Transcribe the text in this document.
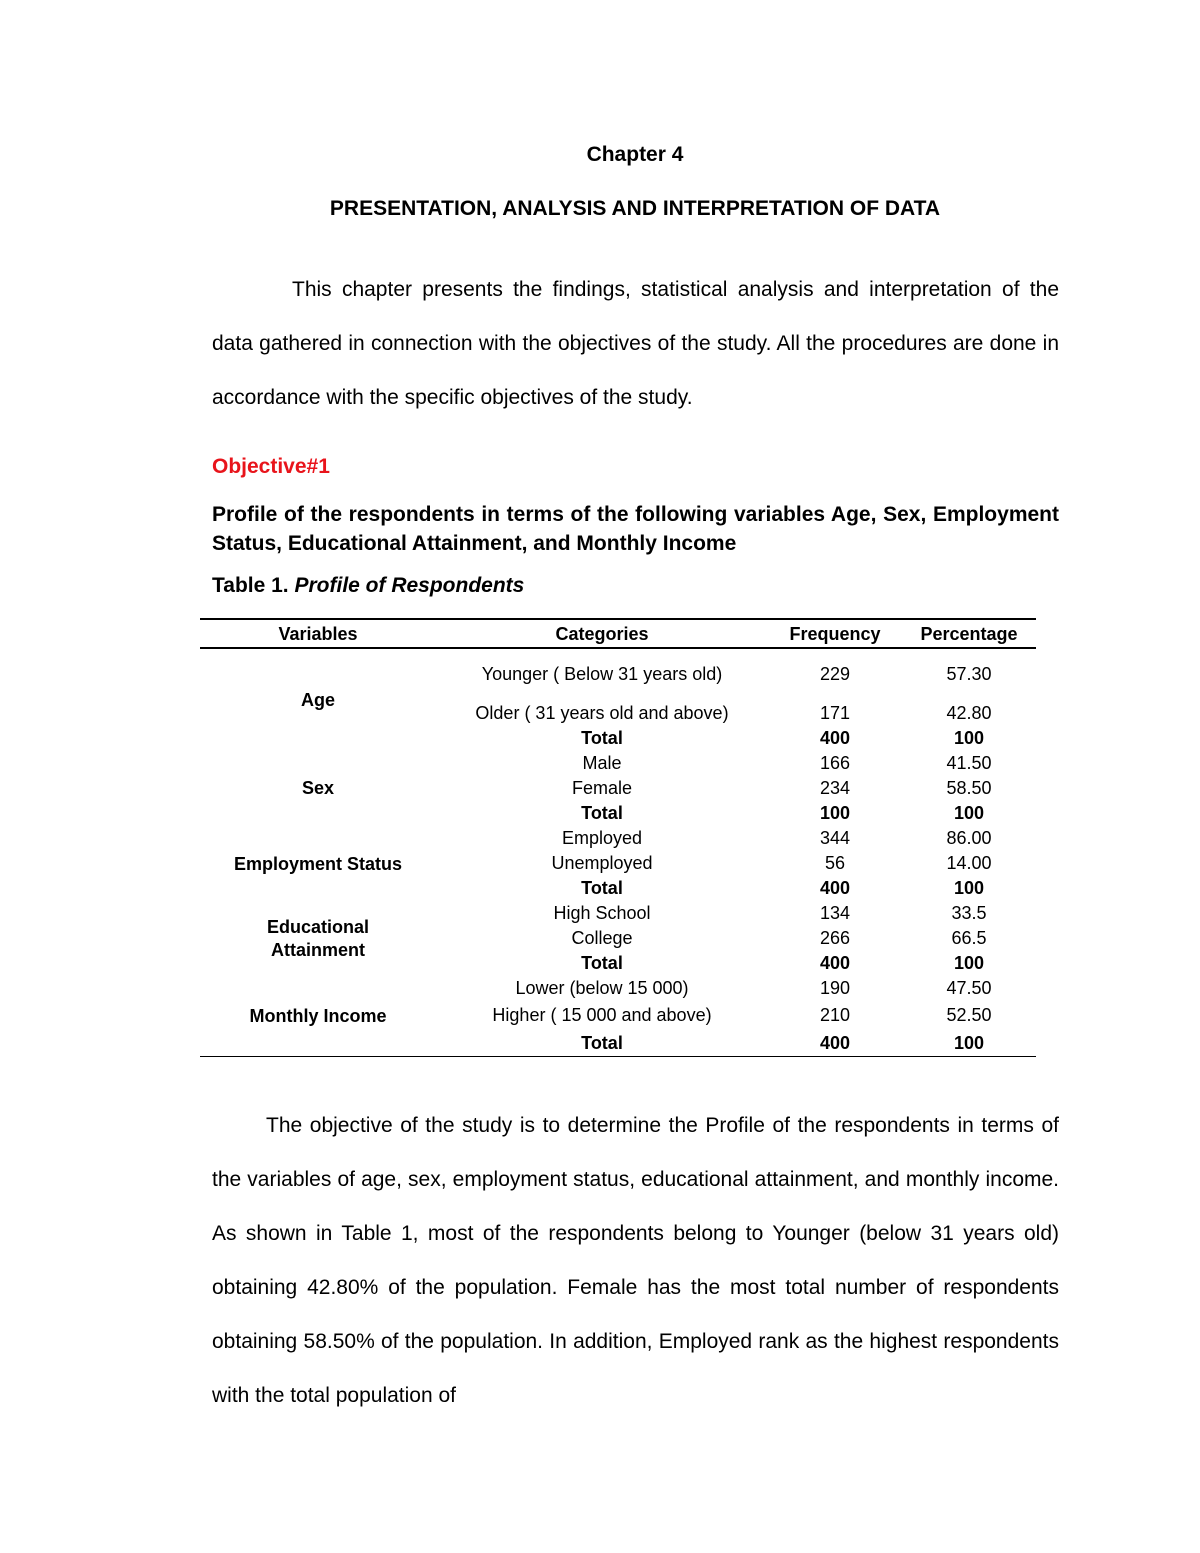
Chapter 4
PRESENTATION, ANALYSIS AND INTERPRETATION OF DATA
This chapter presents the findings, statistical analysis and interpretation of the data gathered in connection with the objectives of the study. All the procedures are done in accordance with the specific objectives of the study.
Objective#1
Profile of the respondents in terms of the following variables Age, Sex, Employment Status, Educational Attainment, and Monthly Income
Table 1. Profile of Respondents
Variables	Categories	Frequency	Percentage
Age
Younger ( Below 31 years old)	229	57.30
Older ( 31 years old and above)	171	42.80
Total	400	100
Sex
Male	166	41.50
Female	234	58.50
Total	100	100
Employment Status
Employed	344	86.00
Unemployed	56	14.00
Total	400	100
Educational
Attainment
High School	134	33.5
College	266	66.5
Total	400	100
Monthly Income
Lower (below 15 000)	190	47.50
Higher ( 15 000 and above)	210	52.50
Total	400	100
The objective of the study is to determine the Profile of the respondents in terms of the variables of age, sex, employment status, educational attainment, and monthly income. As shown in Table 1, most of the respondents belong to Younger (below 31 years old) obtaining 42.80% of the population. Female has the most total number of respondents obtaining 58.50% of the population. In addition, Employed rank as the highest respondents with the total population of
